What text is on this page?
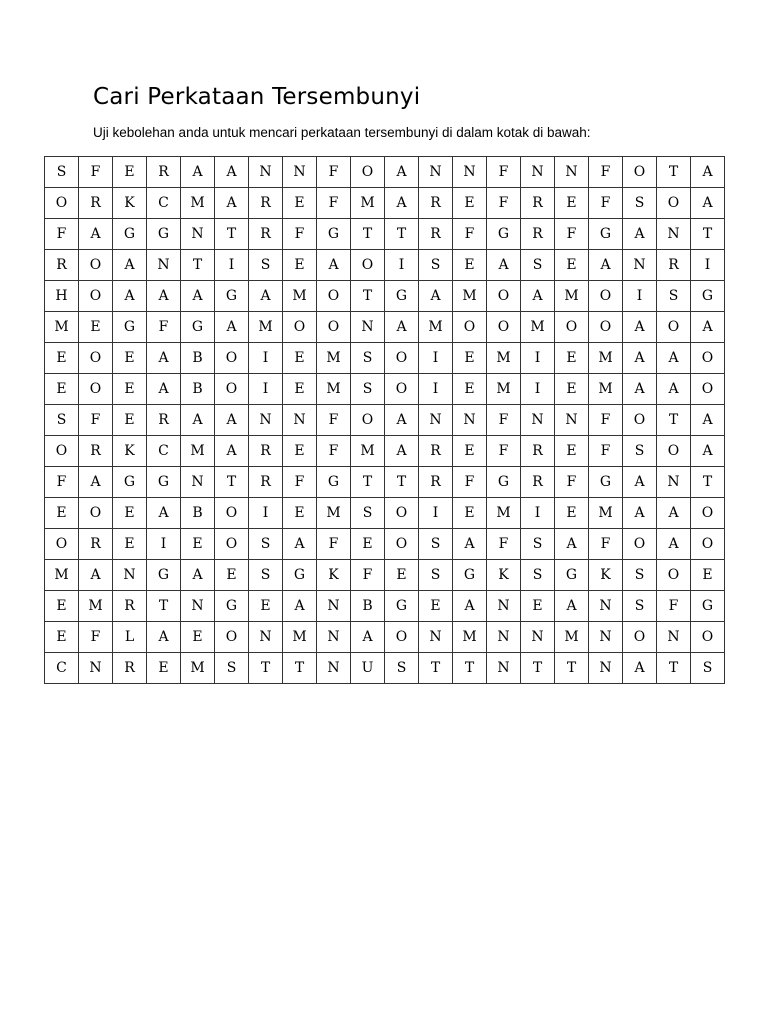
Cari Perkataan Tersembunyi

Uji kebolehan anda untuk mencari perkataan tersembunyi di dalam kotak di bawah:

S	F	E	R	A	A	N	N	F	O	A	N	N	F	N	N	F	O	T	A
O	R	K	C	M	A	R	E	F	M	A	R	E	F	R	E	F	S	O	A
F	A	G	G	N	T	R	F	G	T	T	R	F	G	R	F	G	A	N	T
R	O	A	N	T	I	S	E	A	O	I	S	E	A	S	E	A	N	R	I
H	O	A	A	A	G	A	M	O	T	G	A	M	O	A	M	O	I	S	G
M	E	G	F	G	A	M	O	O	N	A	M	O	O	M	O	O	A	O	A
E	O	E	A	B	O	I	E	M	S	O	I	E	M	I	E	M	A	A	O
E	O	E	A	B	O	I	E	M	S	O	I	E	M	I	E	M	A	A	O
S	F	E	R	A	A	N	N	F	O	A	N	N	F	N	N	F	O	T	A
O	R	K	C	M	A	R	E	F	M	A	R	E	F	R	E	F	S	O	A
F	A	G	G	N	T	R	F	G	T	T	R	F	G	R	F	G	A	N	T
E	O	E	A	B	O	I	E	M	S	O	I	E	M	I	E	M	A	A	O
O	R	E	I	E	O	S	A	F	E	O	S	A	F	S	A	F	O	A	O
M	A	N	G	A	E	S	G	K	F	E	S	G	K	S	G	K	S	O	E
E	M	R	T	N	G	E	A	N	B	G	E	A	N	E	A	N	S	F	G
E	F	L	A	E	O	N	M	N	A	O	N	M	N	N	M	N	O	N	O
C	N	R	E	M	S	T	T	N	U	S	T	T	N	T	T	N	A	T	S
